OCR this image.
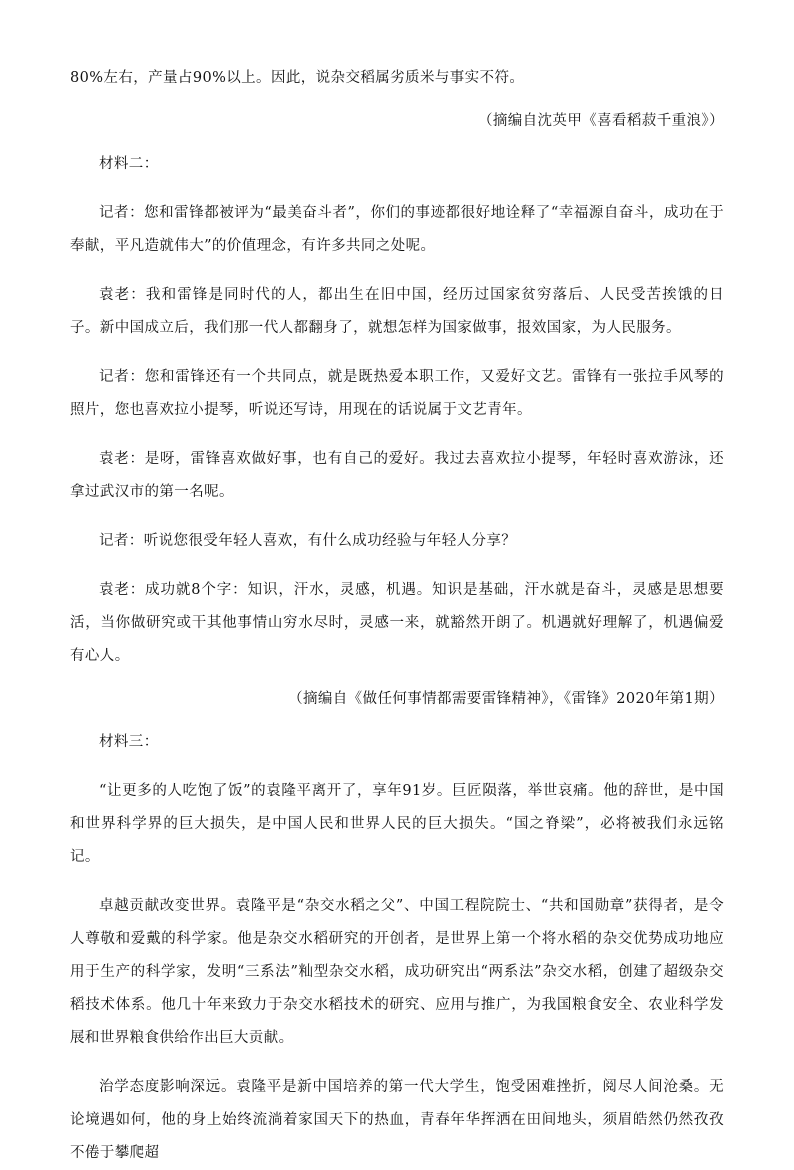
80%左右，产量占90%以上。因此，说杂交稻属劣质米与事实不符。

（摘编自沈英甲《喜看稻菽千重浪》）

材料二：

记者：您和雷锋都被评为“最美奋斗者”，你们的事迹都很好地诠释了“幸福源自奋斗，成功在于奉献，平凡造就伟大”的价值理念，有许多共同之处呢。

袁老：我和雷锋是同时代的人，都出生在旧中国，经历过国家贫穷落后、人民受苦挨饿的日子。新中国成立后，我们那一代人都翻身了，就想怎样为国家做事，报效国家，为人民服务。

记者：您和雷锋还有一个共同点，就是既热爱本职工作，又爱好文艺。雷锋有一张拉手风琴的照片，您也喜欢拉小提琴，听说还写诗，用现在的话说属于文艺青年。

袁老：是呀，雷锋喜欢做好事，也有自己的爱好。我过去喜欢拉小提琴，年轻时喜欢游泳，还拿过武汉市的第一名呢。

记者：听说您很受年轻人喜欢，有什么成功经验与年轻人分享？

袁老：成功就8个字：知识，汗水，灵感，机遇。知识是基础，汗水就是奋斗，灵感是思想要活，当你做研究或干其他事情山穷水尽时，灵感一来，就豁然开朗了。机遇就好理解了，机遇偏爱有心人。

（摘编自《做任何事情都需要雷锋精神》，《雷锋》2020年第1期）

材料三：

“让更多的人吃饱了饭”的袁隆平离开了，享年91岁。巨匠陨落，举世哀痛。他的辞世，是中国和世界科学界的巨大损失，是中国人民和世界人民的巨大损失。“国之脊梁”，必将被我们永远铭记。

卓越贡献改变世界。袁隆平是“杂交水稻之父”、中国工程院院士、“共和国勋章”获得者，是令人尊敬和爱戴的科学家。他是杂交水稻研究的开创者，是世界上第一个将水稻的杂交优势成功地应用于生产的科学家，发明“三系法”籼型杂交水稻，成功研究出“两系法”杂交水稻，创建了超级杂交稻技术体系。他几十年来致力于杂交水稻技术的研究、应用与推广，为我国粮食安全、农业科学发展和世界粮食供给作出巨大贡献。

治学态度影响深远。袁隆平是新中国培养的第一代大学生，饱受困难挫折，阅尽人间沧桑。无论境遇如何，他的身上始终流淌着家国天下的热血，青春年华挥洒在田间地头，须眉皓然仍然孜孜不倦于攀爬超
